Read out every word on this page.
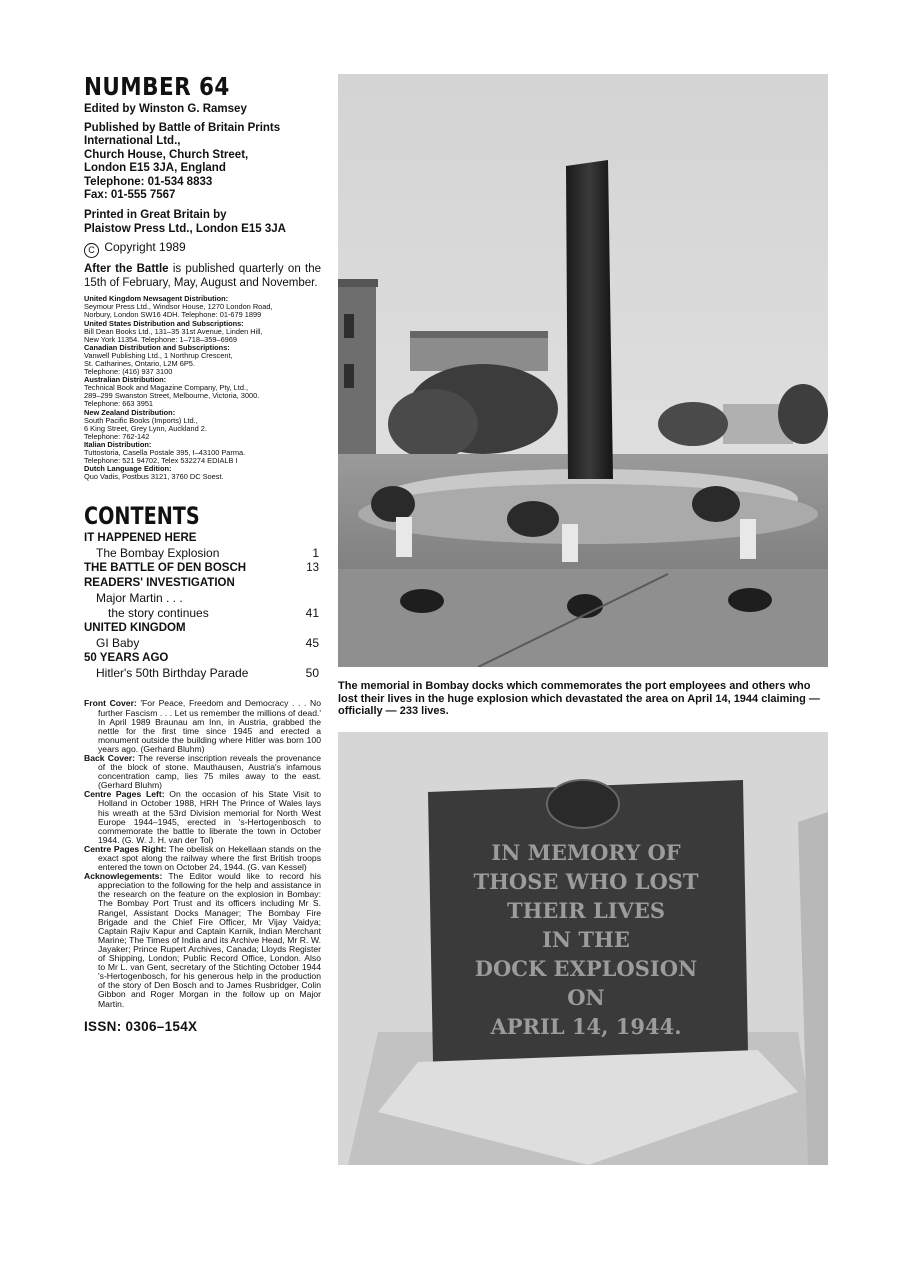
NUMBER 64
Edited by Winston G. Ramsey
Published by Battle of Britain Prints
International Ltd.,
Church House, Church Street,
London E15 3JA, England
Telephone: 01-534 8833
Fax: 01-555 7567
Printed in Great Britain by
Plaistow Press Ltd., London E15 3JA
C Copyright 1989
After the Battle is published quarterly on the 15th of February, May, August and November.
United Kingdom Newsagent Distribution:
Seymour Press Ltd., Windsor House, 1270 London Road,
Norbury, London SW16 4DH. Telephone: 01-679 1899
United States Distribution and Subscriptions:
Bill Dean Books Ltd., 131–35 31st Avenue, Linden Hill,
New York 11354. Telephone: 1–718–359–6969
Canadian Distribution and Subscriptions:
Vanwell Publishing Ltd., 1 Northrup Crescent,
St. Catharines, Ontario, L2M 6P5.
Telephone: (416) 937 3100
Australian Distribution:
Technical Book and Magazine Company, Pty, Ltd.,
289–299 Swanston Street, Melbourne, Victoria, 3000.
Telephone: 663 3951
New Zealand Distribution:
South Pacific Books (Imports) Ltd.,
6 King Street, Grey Lynn, Auckland 2.
Telephone: 762-142
Italian Distribution:
Tuttostoria, Casella Postale 395, I–43100 Parma.
Telephone: 521 94702, Telex 532274 EDIALB I
Dutch Language Edition:
Quo Vadis, Postbus 3121, 3760 DC Soest.
CONTENTS
IT HAPPENED HERE
The Bombay Explosion	1
THE BATTLE OF DEN BOSCH	13
READERS' INVESTIGATION
Major Martin . . .
the story continues	41
UNITED KINGDOM
GI Baby	45
50 YEARS AGO
Hitler's 50th Birthday Parade	50

Front Cover: 'For Peace, Freedom and Democracy . . . No further Fascism . . . Let us remember the millions of dead.' In April 1989 Braunau am Inn, in Austria, grabbed the nettle for the first time since 1945 and erected a monument outside the building where Hitler was born 100 years ago. (Gerhard Bluhm)

Back Cover: The reverse inscription reveals the provenance of the block of stone. Mauthausen, Austria's infamous concentration camp, lies 75 miles away to the east. (Gerhard Bluhm)

Centre Pages Left: On the occasion of his State Visit to Holland in October 1988, HRH The Prince of Wales lays his wreath at the 53rd Division memorial for North West Europe 1944–1945, erected in 's-Hertogenbosch to commemorate the battle to liberate the town in October 1944. (G. W. J. H. van der Tol)

Centre Pages Right: The obelisk on Hekellaan stands on the exact spot along the railway where the first British troops entered the town on October 24, 1944. (G. van Kessel)

Acknowlegements: The Editor would like to record his appreciation to the following for the help and assistance in the research on the feature on the explosion in Bombay: The Bombay Port Trust and its officers including Mr S. Rangel, Assistant Docks Manager; The Bombay Fire Brigade and the Chief Fire Officer, Mr Vijay Vaidya; Captain Rajiv Kapur and Captain Karnik, Indian Merchant Marine; The Times of India and its Archive Head, Mr R. W. Jayaker; Prince Rupert Archives, Canada; Lloyds Register of Shipping, London; Public Record Office, London. Also to Mr L. van Gent, secretary of the Stichting October 1944 's-Hertogenbosch, for his generous help in the production of the story of Den Bosch and to James Rusbridger, Colin Gibbon and Roger Morgan in the follow up on Major Martin.

ISSN: 0306–154X
The memorial in Bombay docks which commemorates the port employees and others who lost their lives in the huge explosion which devastated the area on April 14, 1944 claiming — officially — 233 lives.
IN MEMORY OF THOSE WHO LOST THEIR LIVES IN THE DOCK EXPLOSION ON APRIL 14, 1944.
